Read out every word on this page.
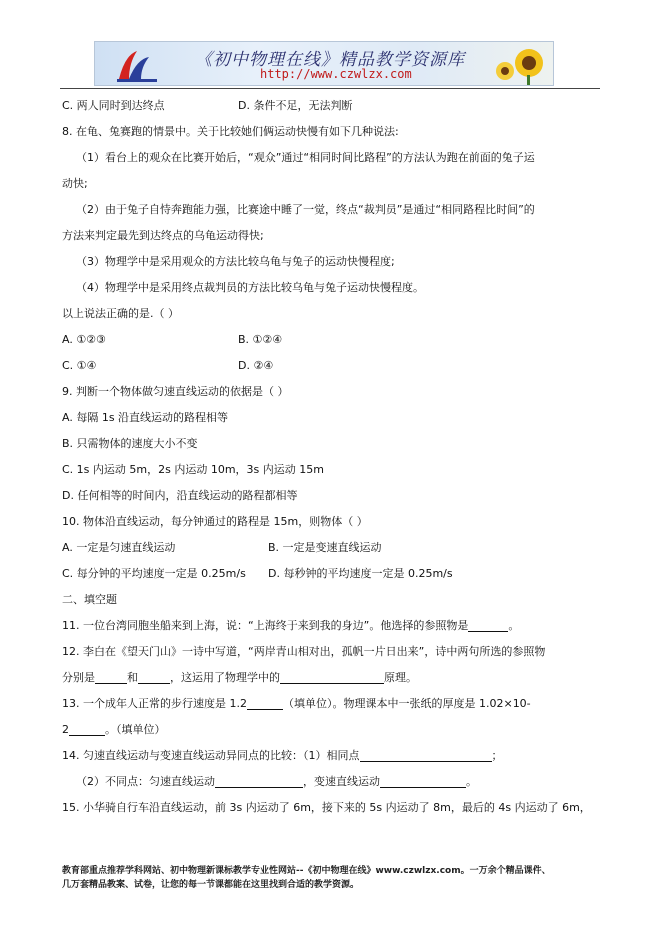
《初中物理在线》精品教学资源库
http://www.czwlzx.com
C. 两人同时到达终点	D. 条件不足，无法判断
8. 在龟、兔赛跑的情景中。关于比较她们俩运动快慢有如下几种说法:
（1）看台上的观众在比赛开始后，“观众”通过“相同时间比路程”的方法认为跑在前面的兔子运
动快;
（2）由于兔子自恃奔跑能力强，比赛途中睡了一觉，终点“裁判员”是通过“相同路程比时间”的
方法来判定最先到达终点的乌龟运动得快;
（3）物理学中是采用观众的方法比较乌龟与兔子的运动快慢程度;
（4）物理学中是采用终点裁判员的方法比较乌龟与兔子运动快慢程度。
以上说法正确的是.（ ）
A. ①②③	B. ①②④
C. ①④	D. ②④
9. 判断一个物体做匀速直线运动的依据是（ ）
A. 每隔 1s 沿直线运动的路程相等
B. 只需物体的速度大小不变
C. 1s 内运动 5m，2s 内运动 10m，3s 内运动 15m
D. 任何相等的时间内，沿直线运动的路程都相等
10. 物体沿直线运动，每分钟通过的路程是 15m，则物体（ ）
A. 一定是匀速直线运动	B. 一定是变速直线运动
C. 每分钟的平均速度一定是 0.25m/s D. 每秒钟的平均速度一定是 0.25m/s
二、填空题
11. 一位台湾同胞坐船来到上海，说：“上海终于来到我的身边”。他选择的参照物是	。
12. 李白在《望天门山》一诗中写道，“两岸青山相对出，孤帆一片日出来”，诗中两句所选的参照物
分别是	和	，这运用了物理学中的	原理。
13. 一个成年人正常的步行速度是 1.2	（填单位）。物理课本中一张纸的厚度是 1.02×10-
2	。（填单位）
14. 匀速直线运动与变速直线运动异同点的比较：（1）相同点	；
（2）不同点：匀速直线运动	，变速直线运动	。
15. 小华骑自行车沿直线运动，前 3s 内运动了 6m，接下来的 5s 内运动了 8m，最后的 4s 内运动了 6m，
教育部重点推荐学科网站、初中物理新课标教学专业性网站--《初中物理在线》www.czwlzx.com。一万余个精品课件、
几万套精品教案、试卷，让您的每一节课都能在这里找到合适的教学资源。
